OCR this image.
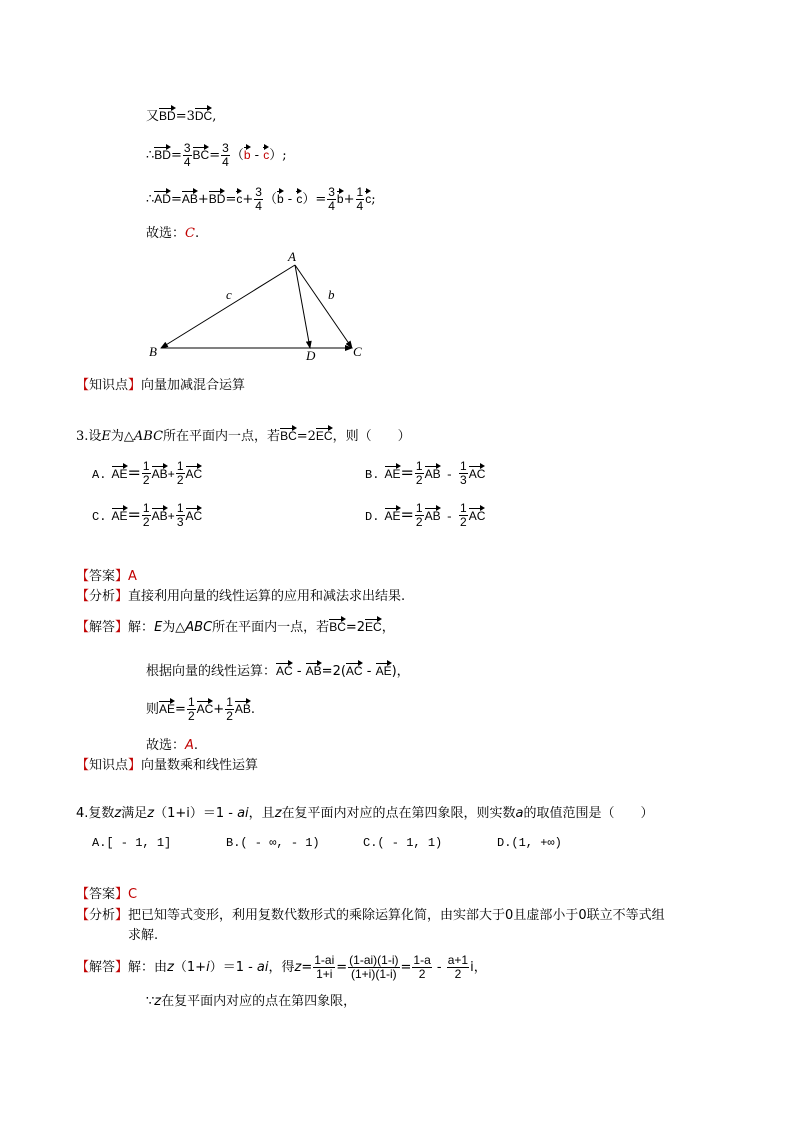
又BD=3DC,
∴BD= $\frac{3}{4} BC= \frac{3}{4} (b - c)$;
∴AD=AB+BD=c+ $\frac{3}{4} (b - c)= \frac{3}{4} b+ \frac{1}{4} c$;
故选：C.
A
B	C
D
c	b
【知识点】向量加减混合运算
3.设E为△ABC所在平面内一点，若BC=2EC，则（　　）
A. $AE= \frac{1}{2} AB+ \frac{1}{2}$ AC	B. $AE= \frac{1}{2}$ AB - $\frac{1}{3}$ AC
C. $AE= \frac{1}{2} AB+ \frac{1}{3}$ AC	D. $AE= \frac{1}{2}$ AB - $\frac{1}{2}$ AC
【答案】A
【分析】直接利用向量的线性运算的应用和减法求出结果.
【解答】解：E为△ABC所在平面内一点，若BC=2EC，
根据向量的线性运算：AC - AB=2(AC - AE)，
则$AE= \frac{1}{2} AC+ \frac{1}{2}$ AB.
故选：A.
【知识点】向量数乘和线性运算
4.复数z满足z（1+i）＝1 - ai，且z在复平面内对应的点在第四象限，则实数a的取值范围是（　　）
A.[ - 1, 1]	B.( - ∞, - 1)	C.( - 1, 1)	D.(1, +∞)
【答案】C
【分析】把已知等式变形，利用复数代数形式的乘除运算化简，由实部大于0且虚部小于0联立不等式组
求解.
【解答】解：由z（1+i）＝1 - ai，得$z= \frac{1-ai}{1+i} = \frac{(1-ai)(1-i)}{(1+i)(1-i)} = \frac{1-a}{2} - \frac{a+1}{2}$ i，
∵z在复平面内对应的点在第四象限，
